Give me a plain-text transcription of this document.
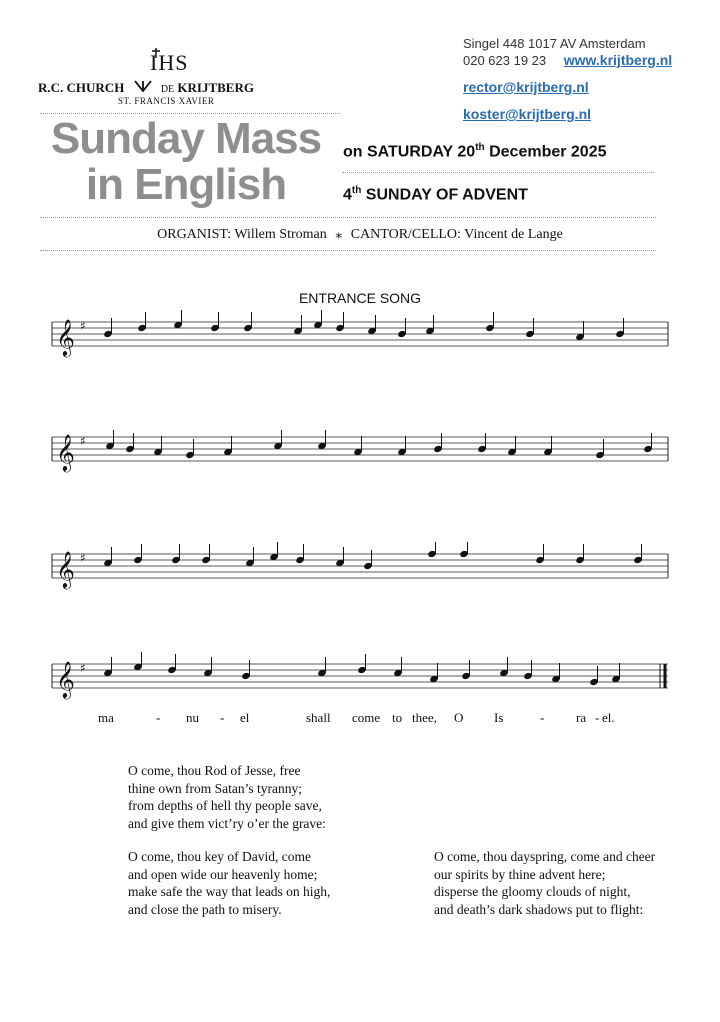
IHS
R.C. CHURCH	DE KRIJTBERG
ST. FRANCIS XAVIER
Singel 448 1017 AV Amsterdam
020 623 19 23 www.krijtberg.nl
rector@krijtberg.nl
koster@krijtberg.nl
Sunday Mass
in English
on SATURDAY 20th December 2025
4th SUNDAY OF ADVENT
ORGANIST: Willem Stroman ⁎ CANTOR/CELLO: Vincent de Lange
ENTRANCE SONG
𝄞 ♯
𝄞 ♯
𝄞 ♯
𝄞 ♯
ma	- nu - el	shall come to thee, O Is	- ra - el.
O come, thou Rod of Jesse, free
thine own from Satan’s tyranny;
from depths of hell thy people save,
and give them vict’ry o’er the grave:
O come, thou key of David, come
and open wide our heavenly home;
make safe the way that leads on high,
and close the path to misery.
O come, thou dayspring, come and cheer
our spirits by thine advent here;
disperse the gloomy clouds of night,
and death’s dark shadows put to flight:
